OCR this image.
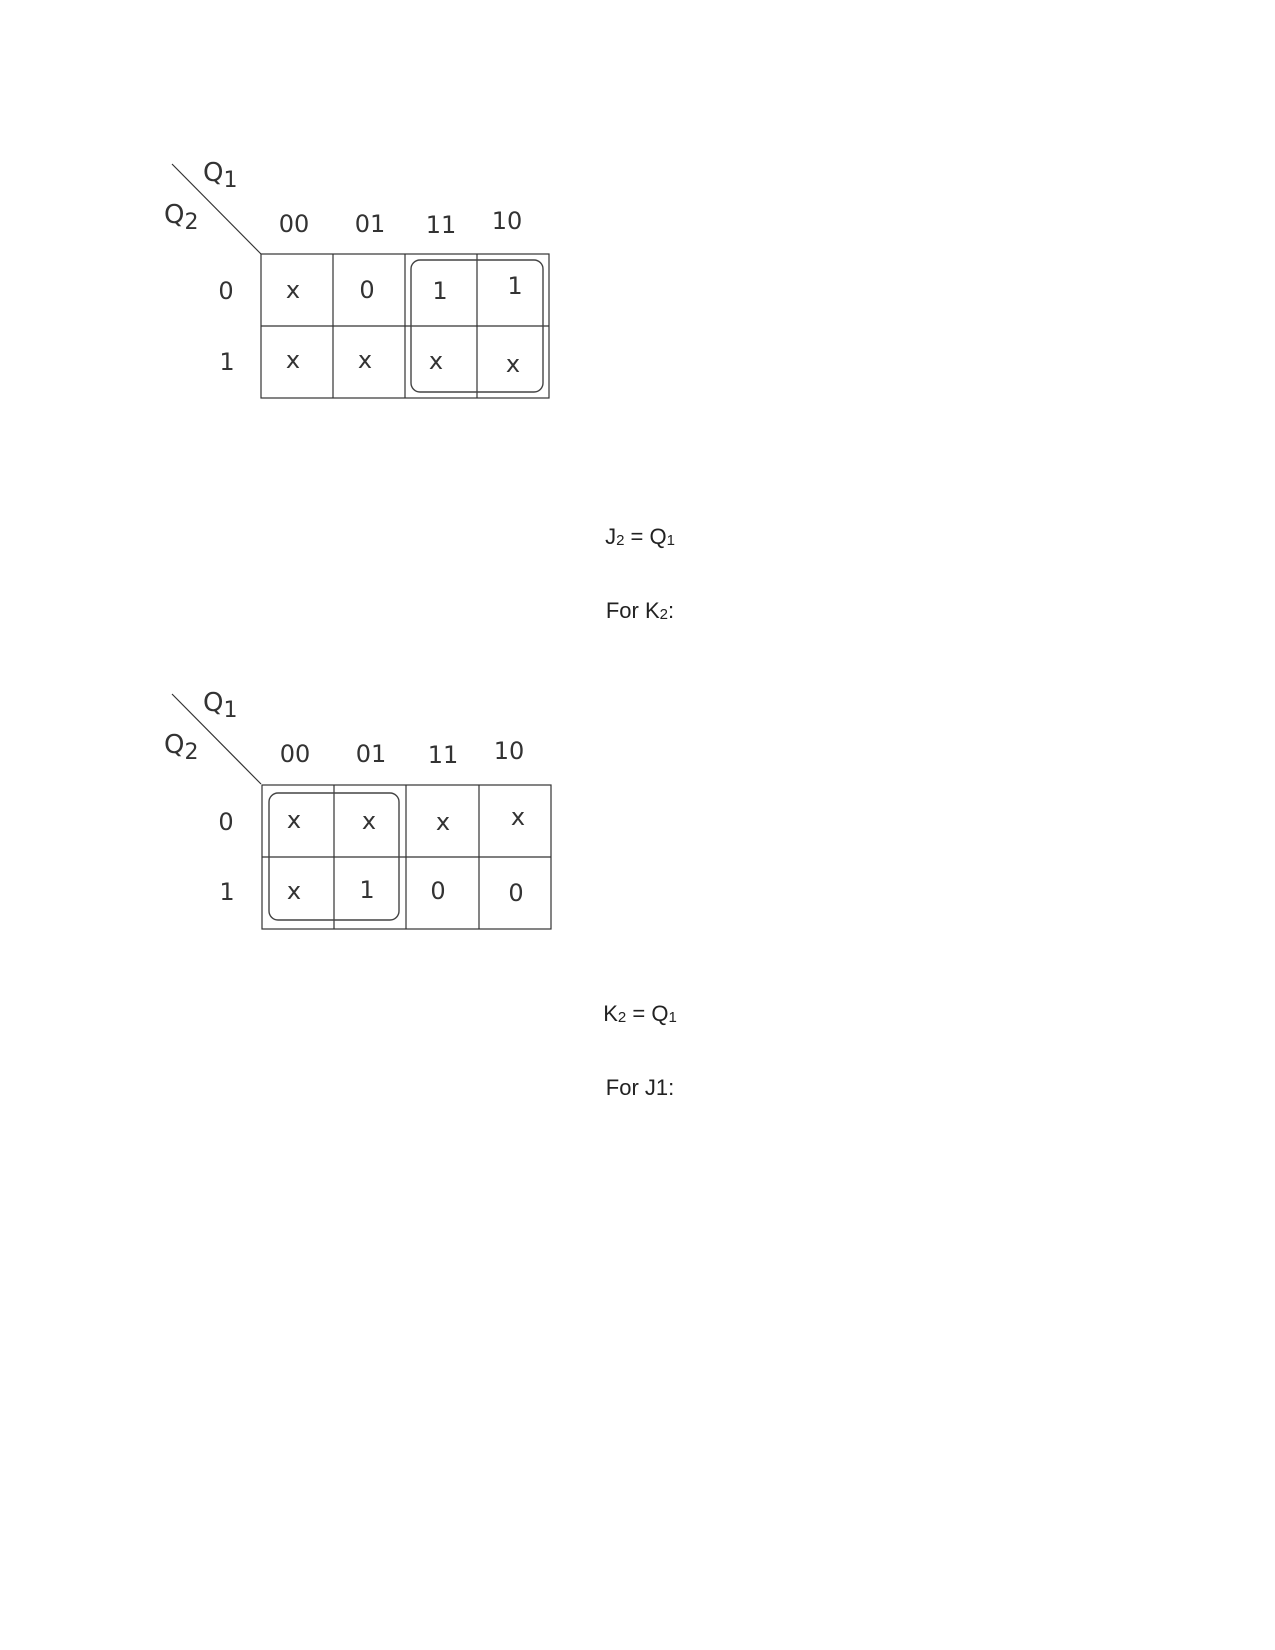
$Q_1$
$Q_2$	00 01 11 10
0
1
x 0 1 1
x x x	x
$J_2 = Q_1$
For $K_2$:
$Q_1$
$Q_2$	00 01 11 10
0
1
x	x x	x
x 1 0	0
$K_2 = Q_1$
For J1:
